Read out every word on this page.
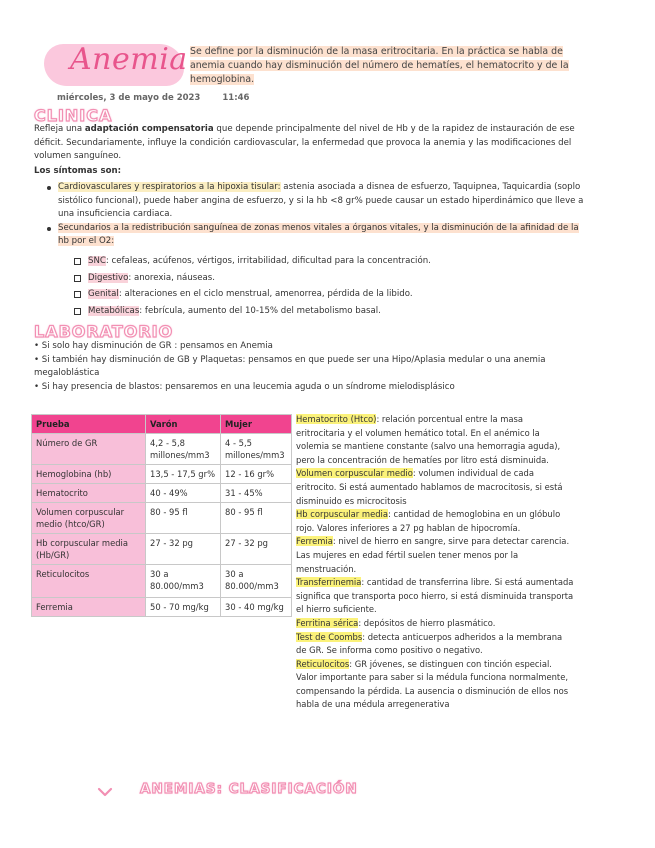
Anemia Se define por la disminución de la masa eritrocitaria. En la práctica se habla de anemia cuando hay disminución del número de hematíes, el hematocrito y de la hemoglobina.
miércoles, 3 de mayo de 2023	11:46
CLINICA
Refleja una adaptación compensatoria que depende principalmente del nivel de Hb y de la rapidez de instauración de ese déficit. Secundariamente, influye la condición cardiovascular, la enfermedad que provoca la anemia y las modificaciones del volumen sanguíneo.
Los síntomas son:
Cardiovasculares y respiratorios a la hipoxia tisular: astenia asociada a disnea de esfuerzo, Taquipnea, Taquicardia (soplo sistólico funcional), puede haber angina de esfuerzo, y si la hb <8 gr% puede causar un estado hiperdinámico que lleve a una insuficiencia cardiaca.
Secundarios a la redistribución sanguínea de zonas menos vitales a órganos vitales, y la disminución de la afinidad de la hb por el O2:
SNC: cefaleas, acúfenos, vértigos, irritabilidad, dificultad para la concentración.
Digestivo: anorexia, náuseas.
Genital: alteraciones en el ciclo menstrual, amenorrea, pérdida de la libido.
Metabólicas: febrícula, aumento del 10-15% del metabolismo basal.
LABORATORIO
• Si solo hay disminución de GR : pensamos en Anemia
• Si también hay disminución de GB y Plaquetas: pensamos en que puede ser una Hipo/Aplasia medular o una anemia megaloblástica
• Si hay presencia de blastos: pensaremos en una leucemia aguda o un síndrome mielodisplásico
Prueba	Varón	Mujer
Número de GR	4,2 - 5,8 millones/mm3	4 - 5,5 millones/mm3
Hemoglobina (hb)	13,5 - 17,5 gr%	12 - 16 gr%
Hematocrito	40 - 49%	31 - 45%
Volumen corpuscular medio (htco/GR)	80 - 95 fl	80 - 95 fl
Hb corpuscular media (Hb/GR)	27 - 32 pg	27 - 32 pg
Reticulocitos	30 a 80.000/mm3	30 a 80.000/mm3
Ferremia	50 - 70 mg/kg	30 - 40 mg/kg
Hematocrito (Htco): relación porcentual entre la masa eritrocitaria y el volumen hemático total. En el anémico la volemia se mantiene constante (salvo una hemorragia aguda), pero la concentración de hematíes por litro está disminuida.
Volumen corpuscular medio: volumen individual de cada eritrocito. Si está aumentado hablamos de macrocitosis, si está disminuido es microcitosis
Hb corpuscular media: cantidad de hemoglobina en un glóbulo rojo. Valores inferiores a 27 pg hablan de hipocromía.
Ferremia: nivel de hierro en sangre, sirve para detectar carencia. Las mujeres en edad fértil suelen tener menos por la menstruación.
Transferrinemia: cantidad de transferrina libre. Si está aumentada significa que transporta poco hierro, si está disminuida transporta el hierro suficiente.
Ferritina sérica: depósitos de hierro plasmático.
Test de Coombs: detecta anticuerpos adheridos a la membrana de GR. Se informa como positivo o negativo.
Reticulocitos: GR jóvenes, se distinguen con tinción especial. Valor importante para saber si la médula funciona normalmente, compensando la pérdida. La ausencia o disminución de ellos nos habla de una médula arregenerativa
ANEMIAS: CLASIFICACIÓN
